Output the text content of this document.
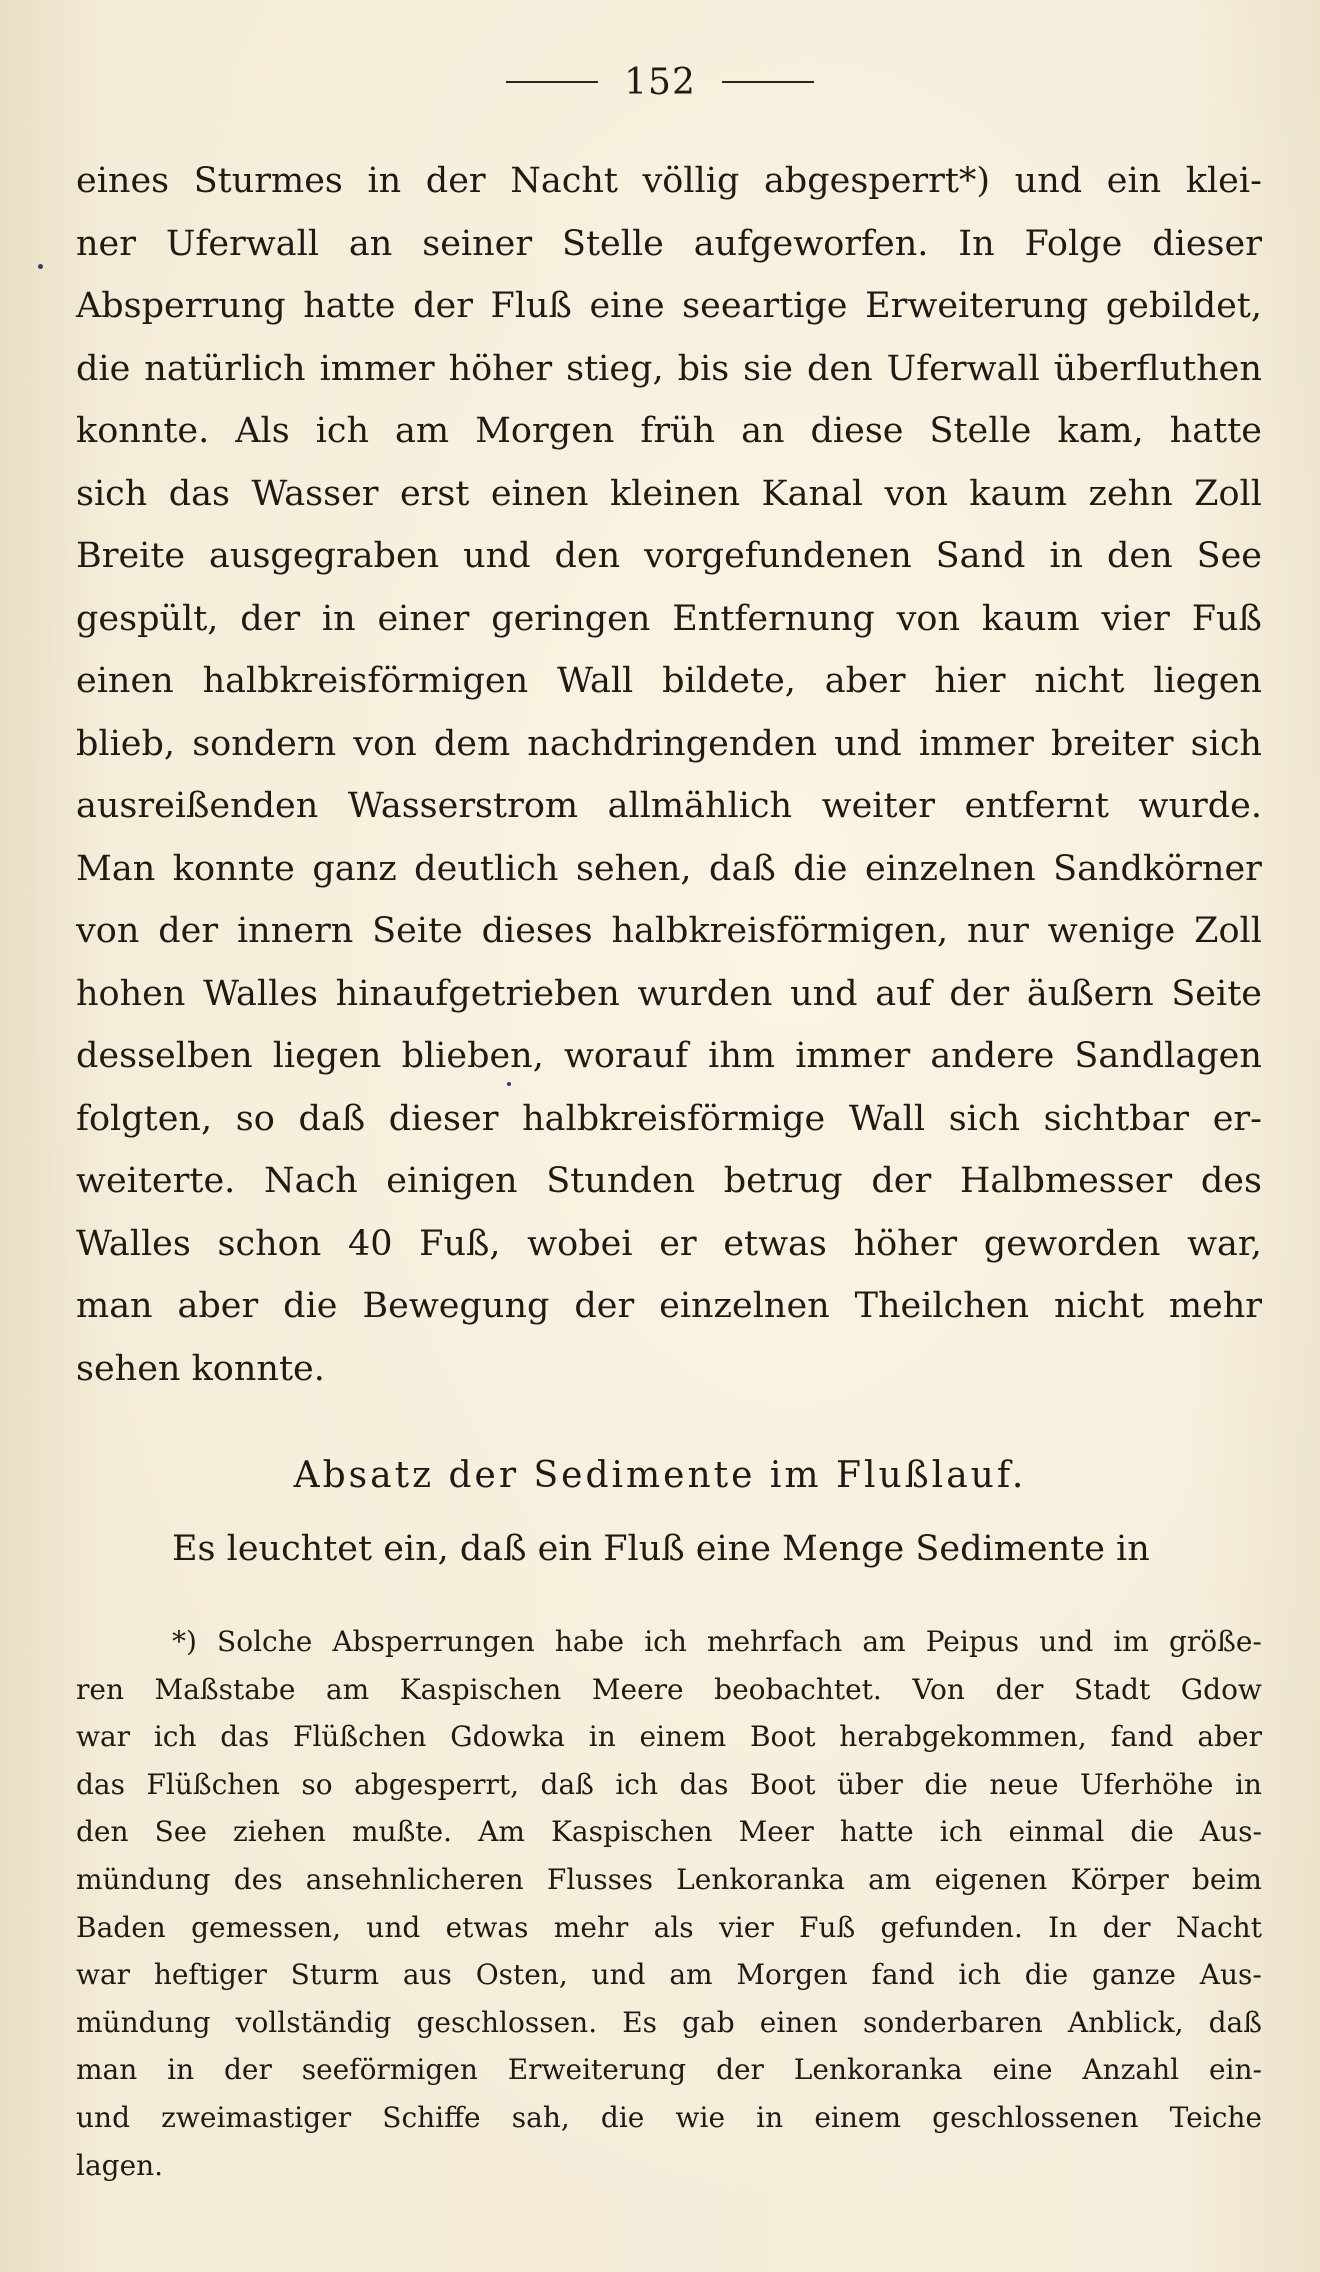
152
eines Sturmes in der Nacht völlig abgesperrt*) und ein klei-
ner Uferwall an seiner Stelle aufgeworfen. In Folge dieser
Absperrung hatte der Fluß eine seeartige Erweiterung gebildet,
die natürlich immer höher stieg, bis sie den Uferwall überfluthen
konnte. Als ich am Morgen früh an diese Stelle kam, hatte
sich das Wasser erst einen kleinen Kanal von kaum zehn Zoll
Breite ausgegraben und den vorgefundenen Sand in den See
gespült, der in einer geringen Entfernung von kaum vier Fuß
einen halbkreisförmigen Wall bildete, aber hier nicht liegen
blieb, sondern von dem nachdringenden und immer breiter sich
ausreißenden Wasserstrom allmählich weiter entfernt wurde.
Man konnte ganz deutlich sehen, daß die einzelnen Sandkörner
von der innern Seite dieses halbkreisförmigen, nur wenige Zoll
hohen Walles hinaufgetrieben wurden und auf der äußern Seite
desselben liegen blieben, worauf ihm immer andere Sandlagen
folgten, so daß dieser halbkreisförmige Wall sich sichtbar er-
weiterte. Nach einigen Stunden betrug der Halbmesser des
Walles schon 40 Fuß, wobei er etwas höher geworden war,
man aber die Bewegung der einzelnen Theilchen nicht mehr
sehen konnte.
Absatz der Sedimente im Flußlauf.
Es leuchtet ein, daß ein Fluß eine Menge Sedimente in
*) Solche Absperrungen habe ich mehrfach am Peipus und im größe-
ren Maßstabe am Kaspischen Meere beobachtet. Von der Stadt Gdow
war ich das Flüßchen Gdowka in einem Boot herabgekommen, fand aber
das Flüßchen so abgesperrt, daß ich das Boot über die neue Uferhöhe in
den See ziehen mußte. Am Kaspischen Meer hatte ich einmal die Aus-
mündung des ansehnlicheren Flusses Lenkoranka am eigenen Körper beim
Baden gemessen, und etwas mehr als vier Fuß gefunden. In der Nacht
war heftiger Sturm aus Osten, und am Morgen fand ich die ganze Aus-
mündung vollständig geschlossen. Es gab einen sonderbaren Anblick, daß
man in der seeförmigen Erweiterung der Lenkoranka eine Anzahl ein-
und zweimastiger Schiffe sah, die wie in einem geschlossenen Teiche
lagen.
